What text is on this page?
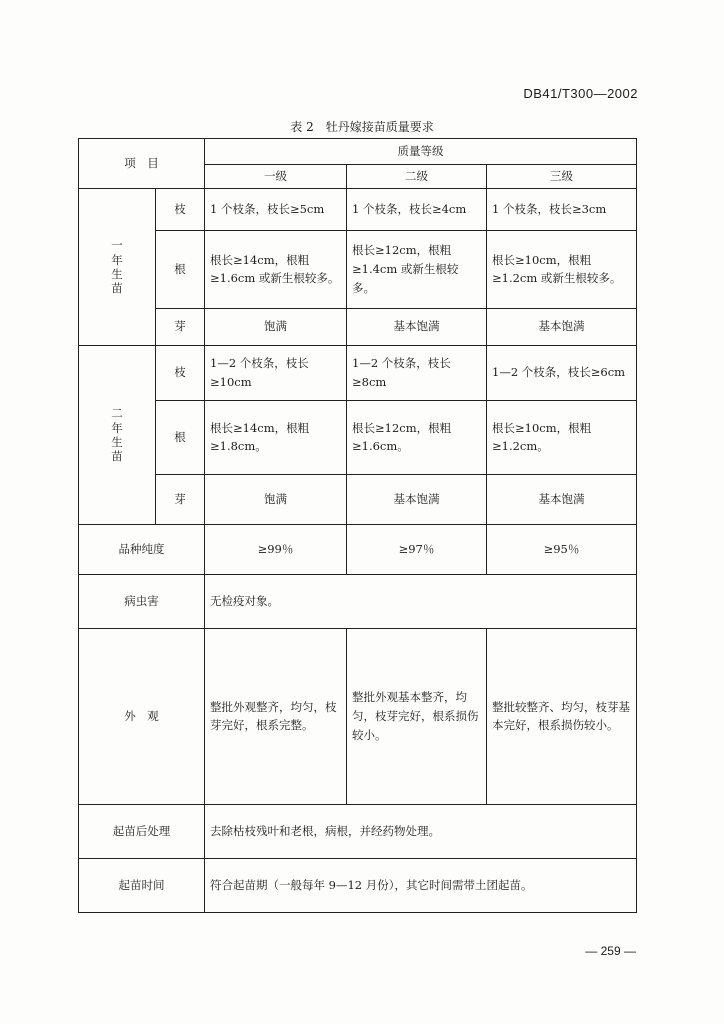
DB41/T300—2002
表 2　牡丹嫁接苗质量要求
项　目		质量等级		
		一级	二级	三级

一
年
生
苗	枝	1 个枝条，枝长≥5cm	1 个枝条，枝长≥4cm	1 个枝条，枝长≥3cm
	根	根长≥14cm，根粗≥1.6cm 或新生根较多。	根长≥12cm，根粗≥1.4cm 或新生根较多。	根长≥10cm，根粗≥1.2cm 或新生根较多。
	芽	饱满	基本饱满	基本饱满

二
年
生
苗	枝	1—2 个枝条，枝长≥10cm	1—2 个枝条，枝长≥8cm	1—2 个枝条，枝长≥6cm
	根	根长≥14cm，根粗≥1.8cm。	根长≥12cm，根粗≥1.6cm。	根长≥10cm，根粗≥1.2cm。
	芽	饱满	基本饱满	基本饱满
品种纯度		≥99％	≥97％	≥95％
病虫害		无检疫对象。		
外　观		整批外观整齐，均匀，枝芽完好，根系完整。	整批外观基本整齐，均匀，枝芽完好，根系损伤较小。	整批较整齐、均匀，枝芽基本完好，根系损伤较小。
起苗后处理		去除枯枝残叶和老根，病根，并经药物处理。		
起苗时间		符合起苗期（一般每年 9—12 月份），其它时间需带土团起苗。		
— 259 —
